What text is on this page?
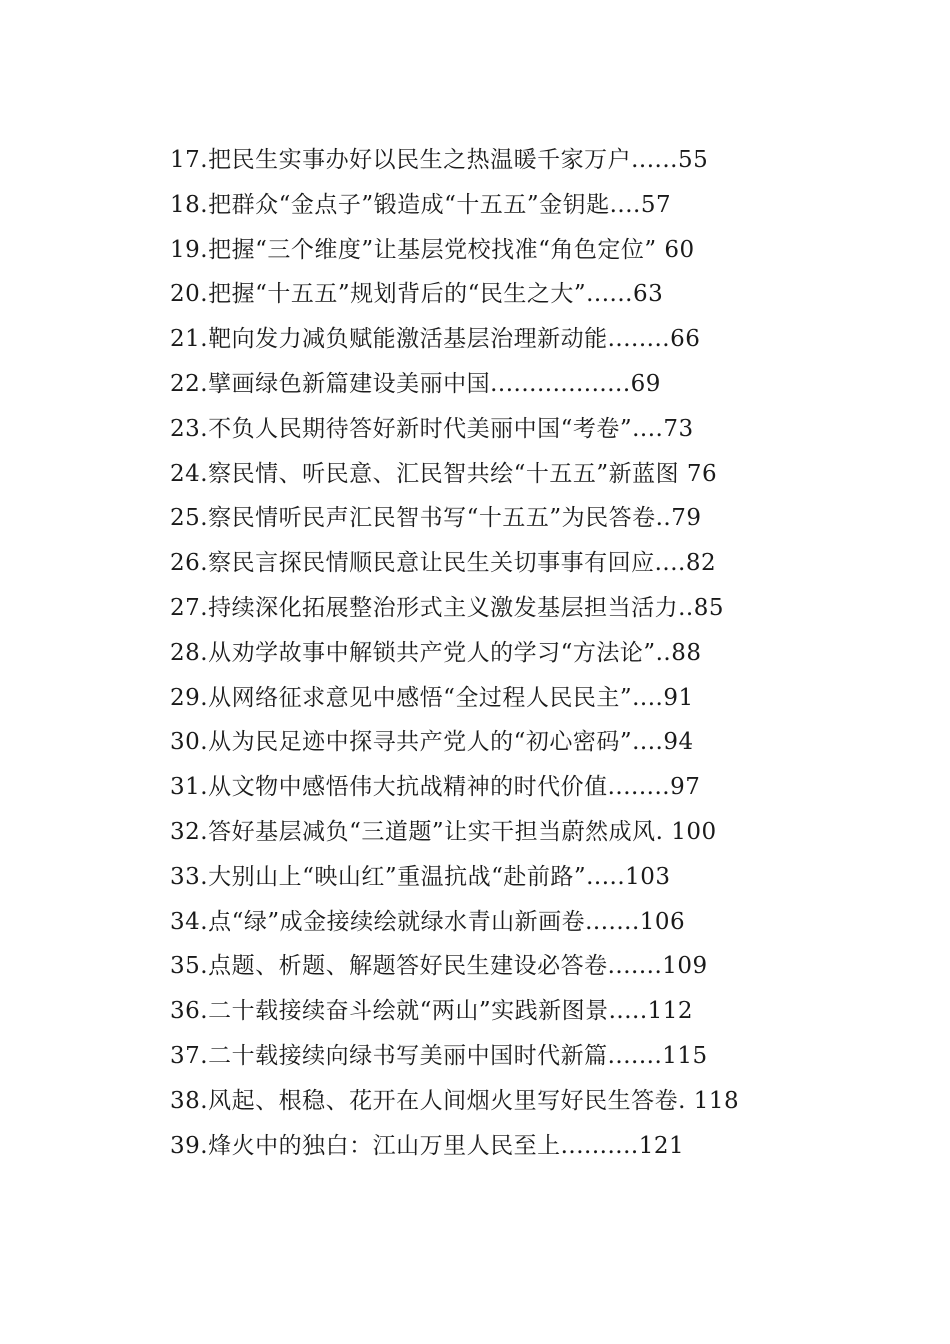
17.把民生实事办好以民生之热温暖千家万户......55
18.把群众“金点子”锻造成“十五五”金钥匙....57
19.把握“三个维度”让基层党校找准“角色定位” 60
20.把握“十五五”规划背后的“民生之大”......63
21.靶向发力减负赋能激活基层治理新动能........66
22.擘画绿色新篇建设美丽中国..................69
23.不负人民期待答好新时代美丽中国“考卷”....73
24.察民情、听民意、汇民智共绘“十五五”新蓝图 76
25.察民情听民声汇民智书写“十五五”为民答卷..79
26.察民言探民情顺民意让民生关切事事有回应....82
27.持续深化拓展整治形式主义激发基层担当活力..85
28.从劝学故事中解锁共产党人的学习“方法论”..88
29.从网络征求意见中感悟“全过程人民民主”....91
30.从为民足迹中探寻共产党人的“初心密码”....94
31.从文物中感悟伟大抗战精神的时代价值........97
32.答好基层减负“三道题”让实干担当蔚然成风. 100
33.大别山上“映山红”重温抗战“赴前路”.....103
34.点“绿”成金接续绘就绿水青山新画卷.......106
35.点题、析题、解题答好民生建设必答卷.......109
36.二十载接续奋斗绘就“两山”实践新图景.....112
37.二十载接续向绿书写美丽中国时代新篇.......115
38.风起、根稳、花开在人间烟火里写好民生答卷. 118
39.烽火中的独白：江山万里人民至上..........121
